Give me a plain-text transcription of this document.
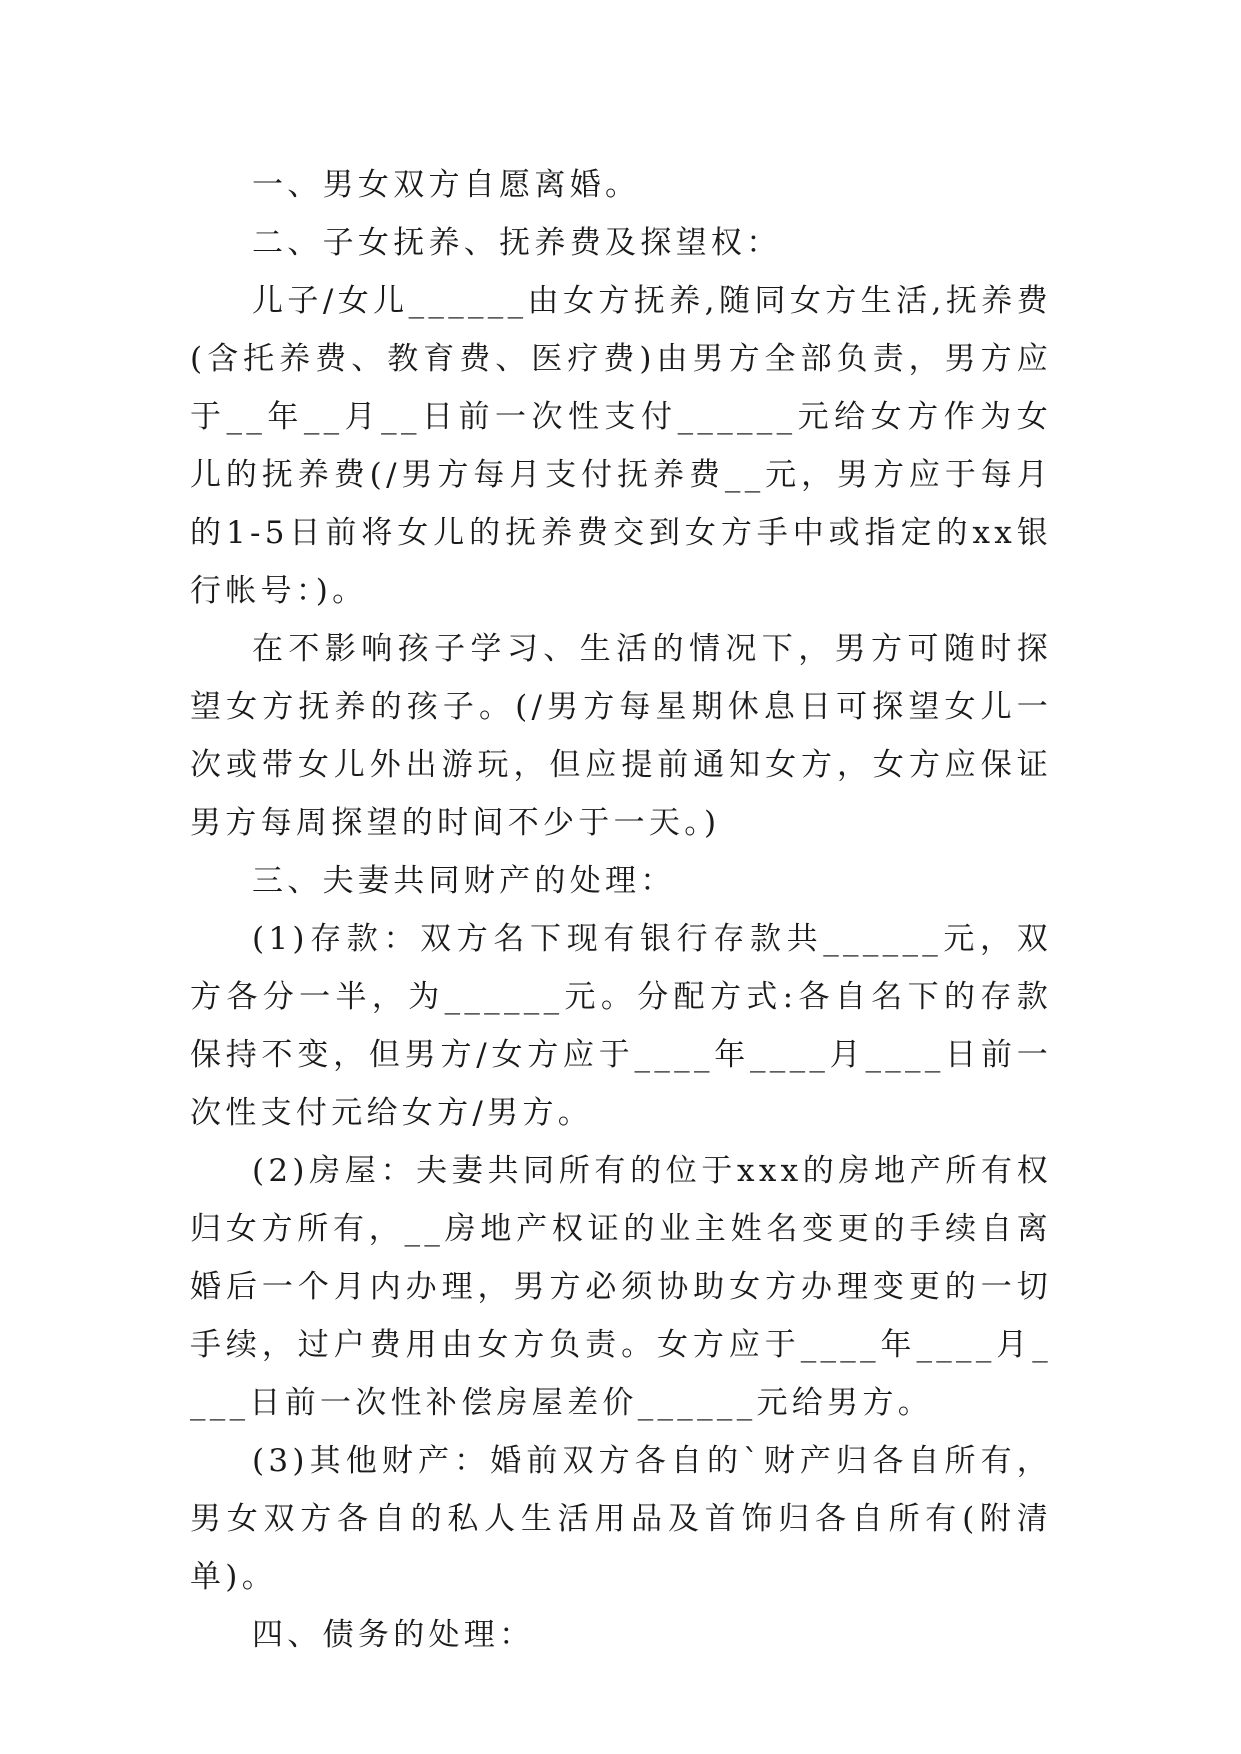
一、男女双方自愿离婚。

二、子女抚养、抚养费及探望权：

儿子/女儿______由女方抚养,随同女方生活,抚养费(含托养费、教育费、医疗费)由男方全部负责，男方应于__年__月__日前一次性支付______元给女方作为女儿的抚养费(/男方每月支付抚养费__元，男方应于每月的1-5日前将女儿的抚养费交到女方手中或指定的xx银行帐号：)。

在不影响孩子学习、生活的情况下，男方可随时探望女方抚养的孩子。(/男方每星期休息日可探望女儿一次或带女儿外出游玩，但应提前通知女方，女方应保证男方每周探望的时间不少于一天。)

三、夫妻共同财产的处理：

(1)存款：双方名下现有银行存款共______元，双方各分一半，为______元。分配方式:各自名下的存款保持不变，但男方/女方应于____年____月____日前一次性支付元给女方/男方。

(2)房屋：夫妻共同所有的位于xxx的房地产所有权归女方所有，__房地产权证的业主姓名变更的手续自离婚后一个月内办理，男方必须协助女方办理变更的一切手续，过户费用由女方负责。女方应于____年____月____日前一次性补偿房屋差价______元给男方。

(3)其他财产：婚前双方各自的`财产归各自所有，男女双方各自的私人生活用品及首饰归各自所有(附清单)。

四、债务的处理：
